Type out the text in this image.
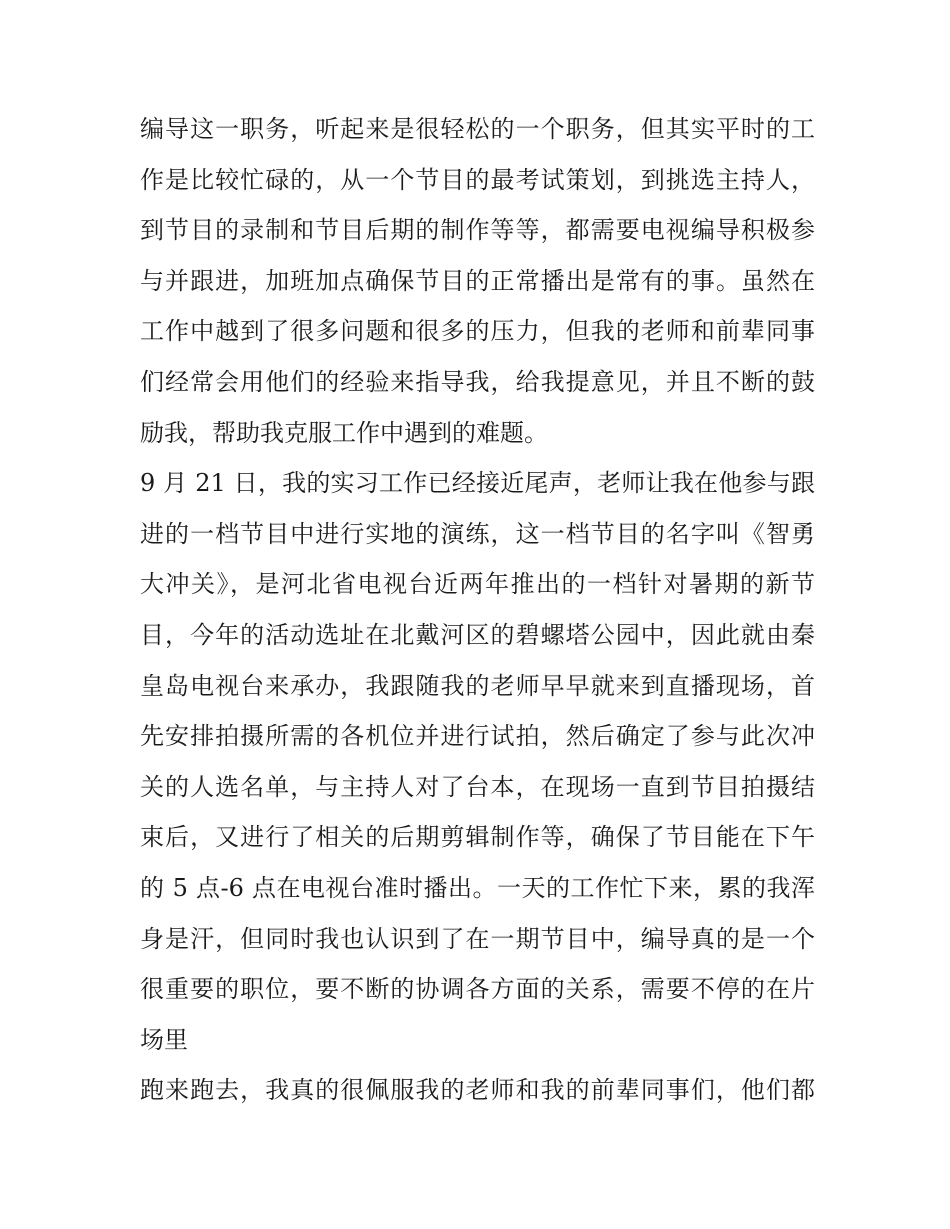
编导这一职务，听起来是很轻松的一个职务，但其实平时的工
作是比较忙碌的，从一个节目的最考试策划，到挑选主持人，
到节目的录制和节目后期的制作等等，都需要电视编导积极参
与并跟进，加班加点确保节目的正常播出是常有的事。虽然在
工作中越到了很多问题和很多的压力，但我的老师和前辈同事
们经常会用他们的经验来指导我，给我提意见，并且不断的鼓
励我，帮助我克服工作中遇到的难题。
9 月 21 日，我的实习工作已经接近尾声，老师让我在他参与跟
进的一档节目中进行实地的演练，这一档节目的名字叫《智勇
大冲关》，是河北省电视台近两年推出的一档针对暑期的新节
目，今年的活动选址在北戴河区的碧螺塔公园中，因此就由秦
皇岛电视台来承办，我跟随我的老师早早就来到直播现场，首
先安排拍摄所需的各机位并进行试拍，然后确定了参与此次冲
关的人选名单，与主持人对了台本，在现场一直到节目拍摄结
束后，又进行了相关的后期剪辑制作等，确保了节目能在下午
的 5 点-6 点在电视台准时播出。一天的工作忙下来，累的我浑
身是汗，但同时我也认识到了在一期节目中，编导真的是一个
很重要的职位，要不断的协调各方面的关系，需要不停的在片
场里
跑来跑去，我真的很佩服我的老师和我的前辈同事们，他们都
